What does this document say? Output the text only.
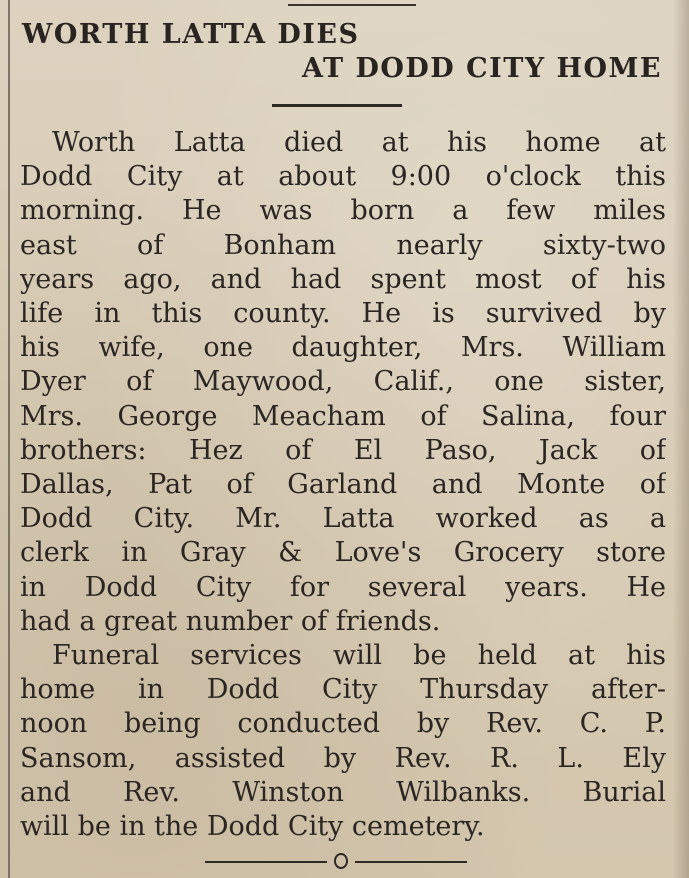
WORTH LATTA DIES
AT DODD CITY HOME

Worth Latta died at his home at
Dodd City at about 9:00 o'clock this
morning. He was born a few miles
east of Bonham nearly sixty-two
years ago, and had spent most of his
life in this county. He is survived by
his wife, one daughter, Mrs. William
Dyer of Maywood, Calif., one sister,
Mrs. George Meacham of Salina, four
brothers: Hez of El Paso, Jack of
Dallas, Pat of Garland and Monte of
Dodd City. Mr. Latta worked as a
clerk in Gray & Love's Grocery store
in Dodd City for several years. He
had a great number of friends.

Funeral services will be held at his
home in Dodd City Thursday after-
noon being conducted by Rev. C. P.
Sansom, assisted by Rev. R. L. Ely
and Rev. Winston Wilbanks. Burial
will be in the Dodd City cemetery.
